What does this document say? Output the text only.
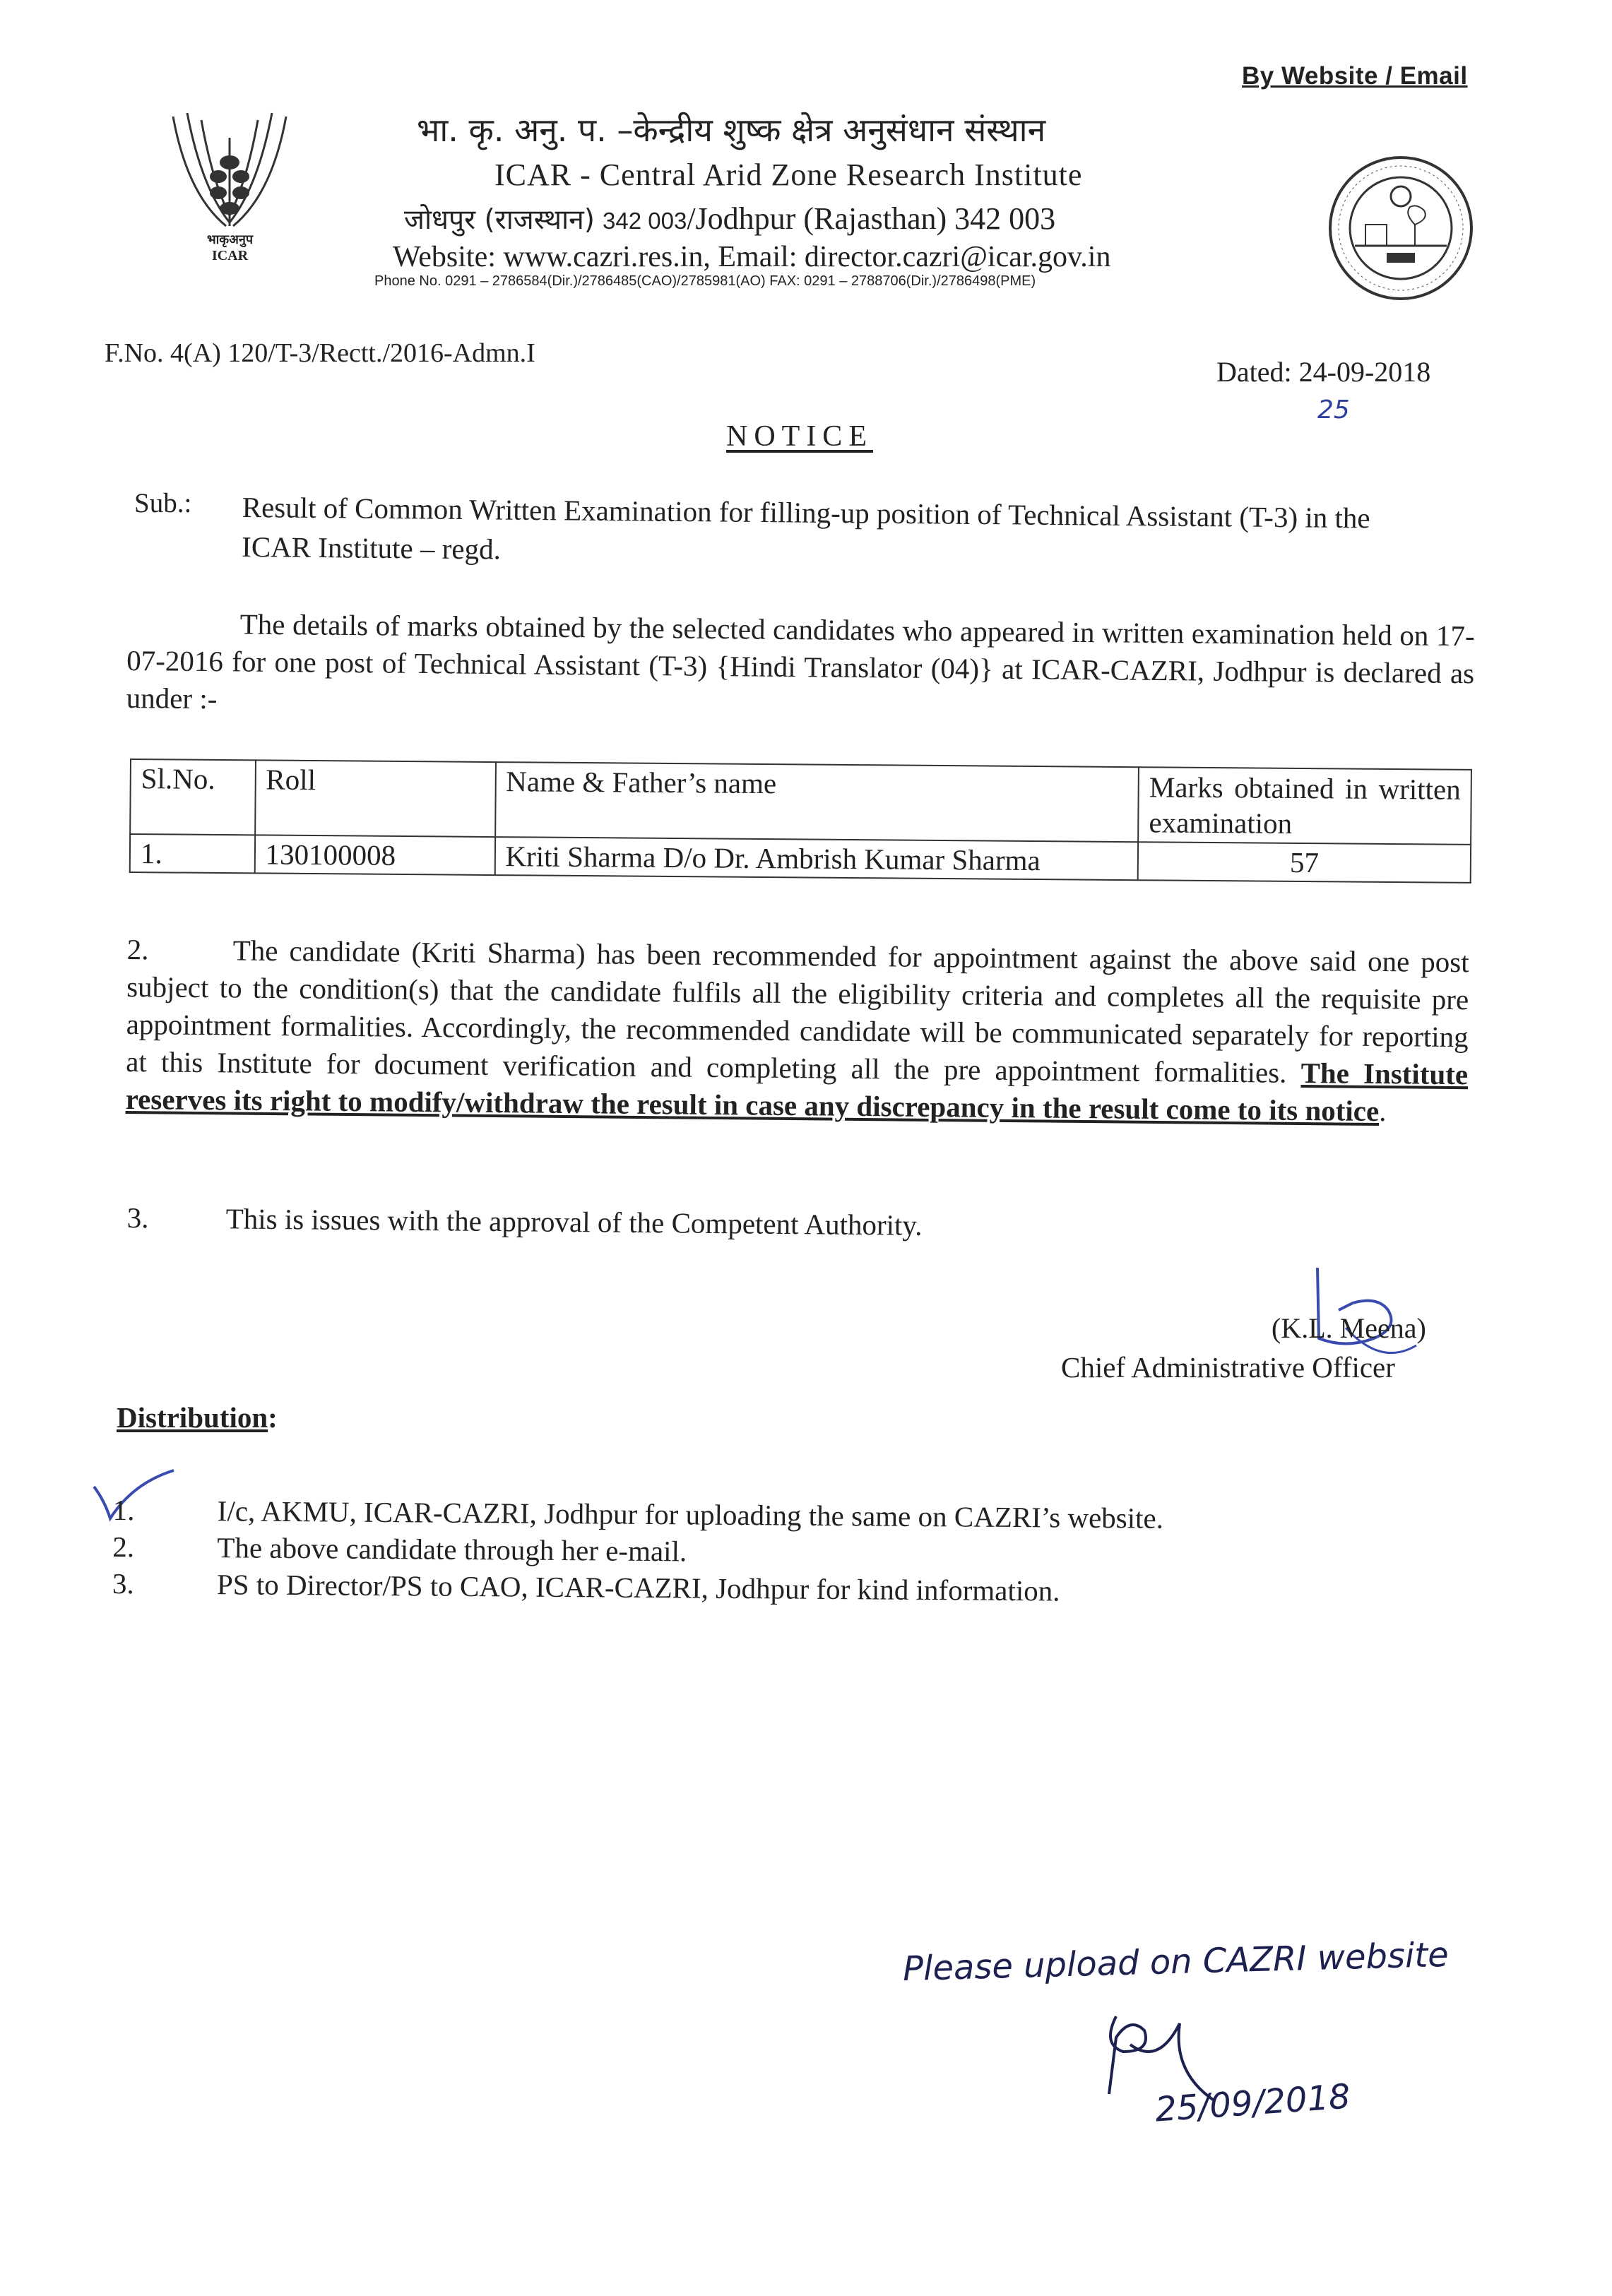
By Website / Email
भाकृअनुप
ICAR
भा. कृ. अनु. प. –केन्द्रीय शुष्क क्षेत्र अनुसंधान संस्थान
ICAR - Central Arid Zone Research Institute
जोधपुर (राजस्थान) 342 003/Jodhpur (Rajasthan) 342 003
Website: www.cazri.res.in, Email: director.cazri@icar.gov.in
Phone No. 0291 – 2786584(Dir.)/2786485(CAO)/2785981(AO) FAX: 0291 – 2788706(Dir.)/2786498(PME)
F.No. 4(A) 120/T-3/Rectt./2016-Admn.I
Dated: 24-09-2018
25
NOTICE
Sub.: Result of Common Written Examination for filling-up position of Technical Assistant (T-3) in the ICAR Institute – regd.
The details of marks obtained by the selected candidates who appeared in written examination held on 17-07-2016 for one post of Technical Assistant (T-3) {Hindi Translator (04)} at ICAR-CAZRI, Jodhpur is declared as under :-
Sl.No.	Roll	Name & Father’s name	Marks obtained in written examination
1.	130100008	Kriti Sharma D/o Dr. Ambrish Kumar Sharma	57
2.	The candidate (Kriti Sharma) has been recommended for appointment against the above said one post subject to the condition(s) that the candidate fulfils all the eligibility criteria and completes all the requisite pre appointment formalities. Accordingly, the recommended candidate will be communicated separately for reporting at this Institute for document verification and completing all the pre appointment formalities. The Institute reserves its right to modify/withdraw the result in case any discrepancy in the result come to its notice.
3.	This is issues with the approval of the Competent Authority.
(K.L. Meena)
Chief Administrative Officer
Distribution:
1.	I/c, AKMU, ICAR-CAZRI, Jodhpur for uploading the same on CAZRI’s website.
2.	The above candidate through her e-mail.
3.	PS to Director/PS to CAO, ICAR-CAZRI, Jodhpur for kind information.
Please upload on CAZRI website
25/09/2018
